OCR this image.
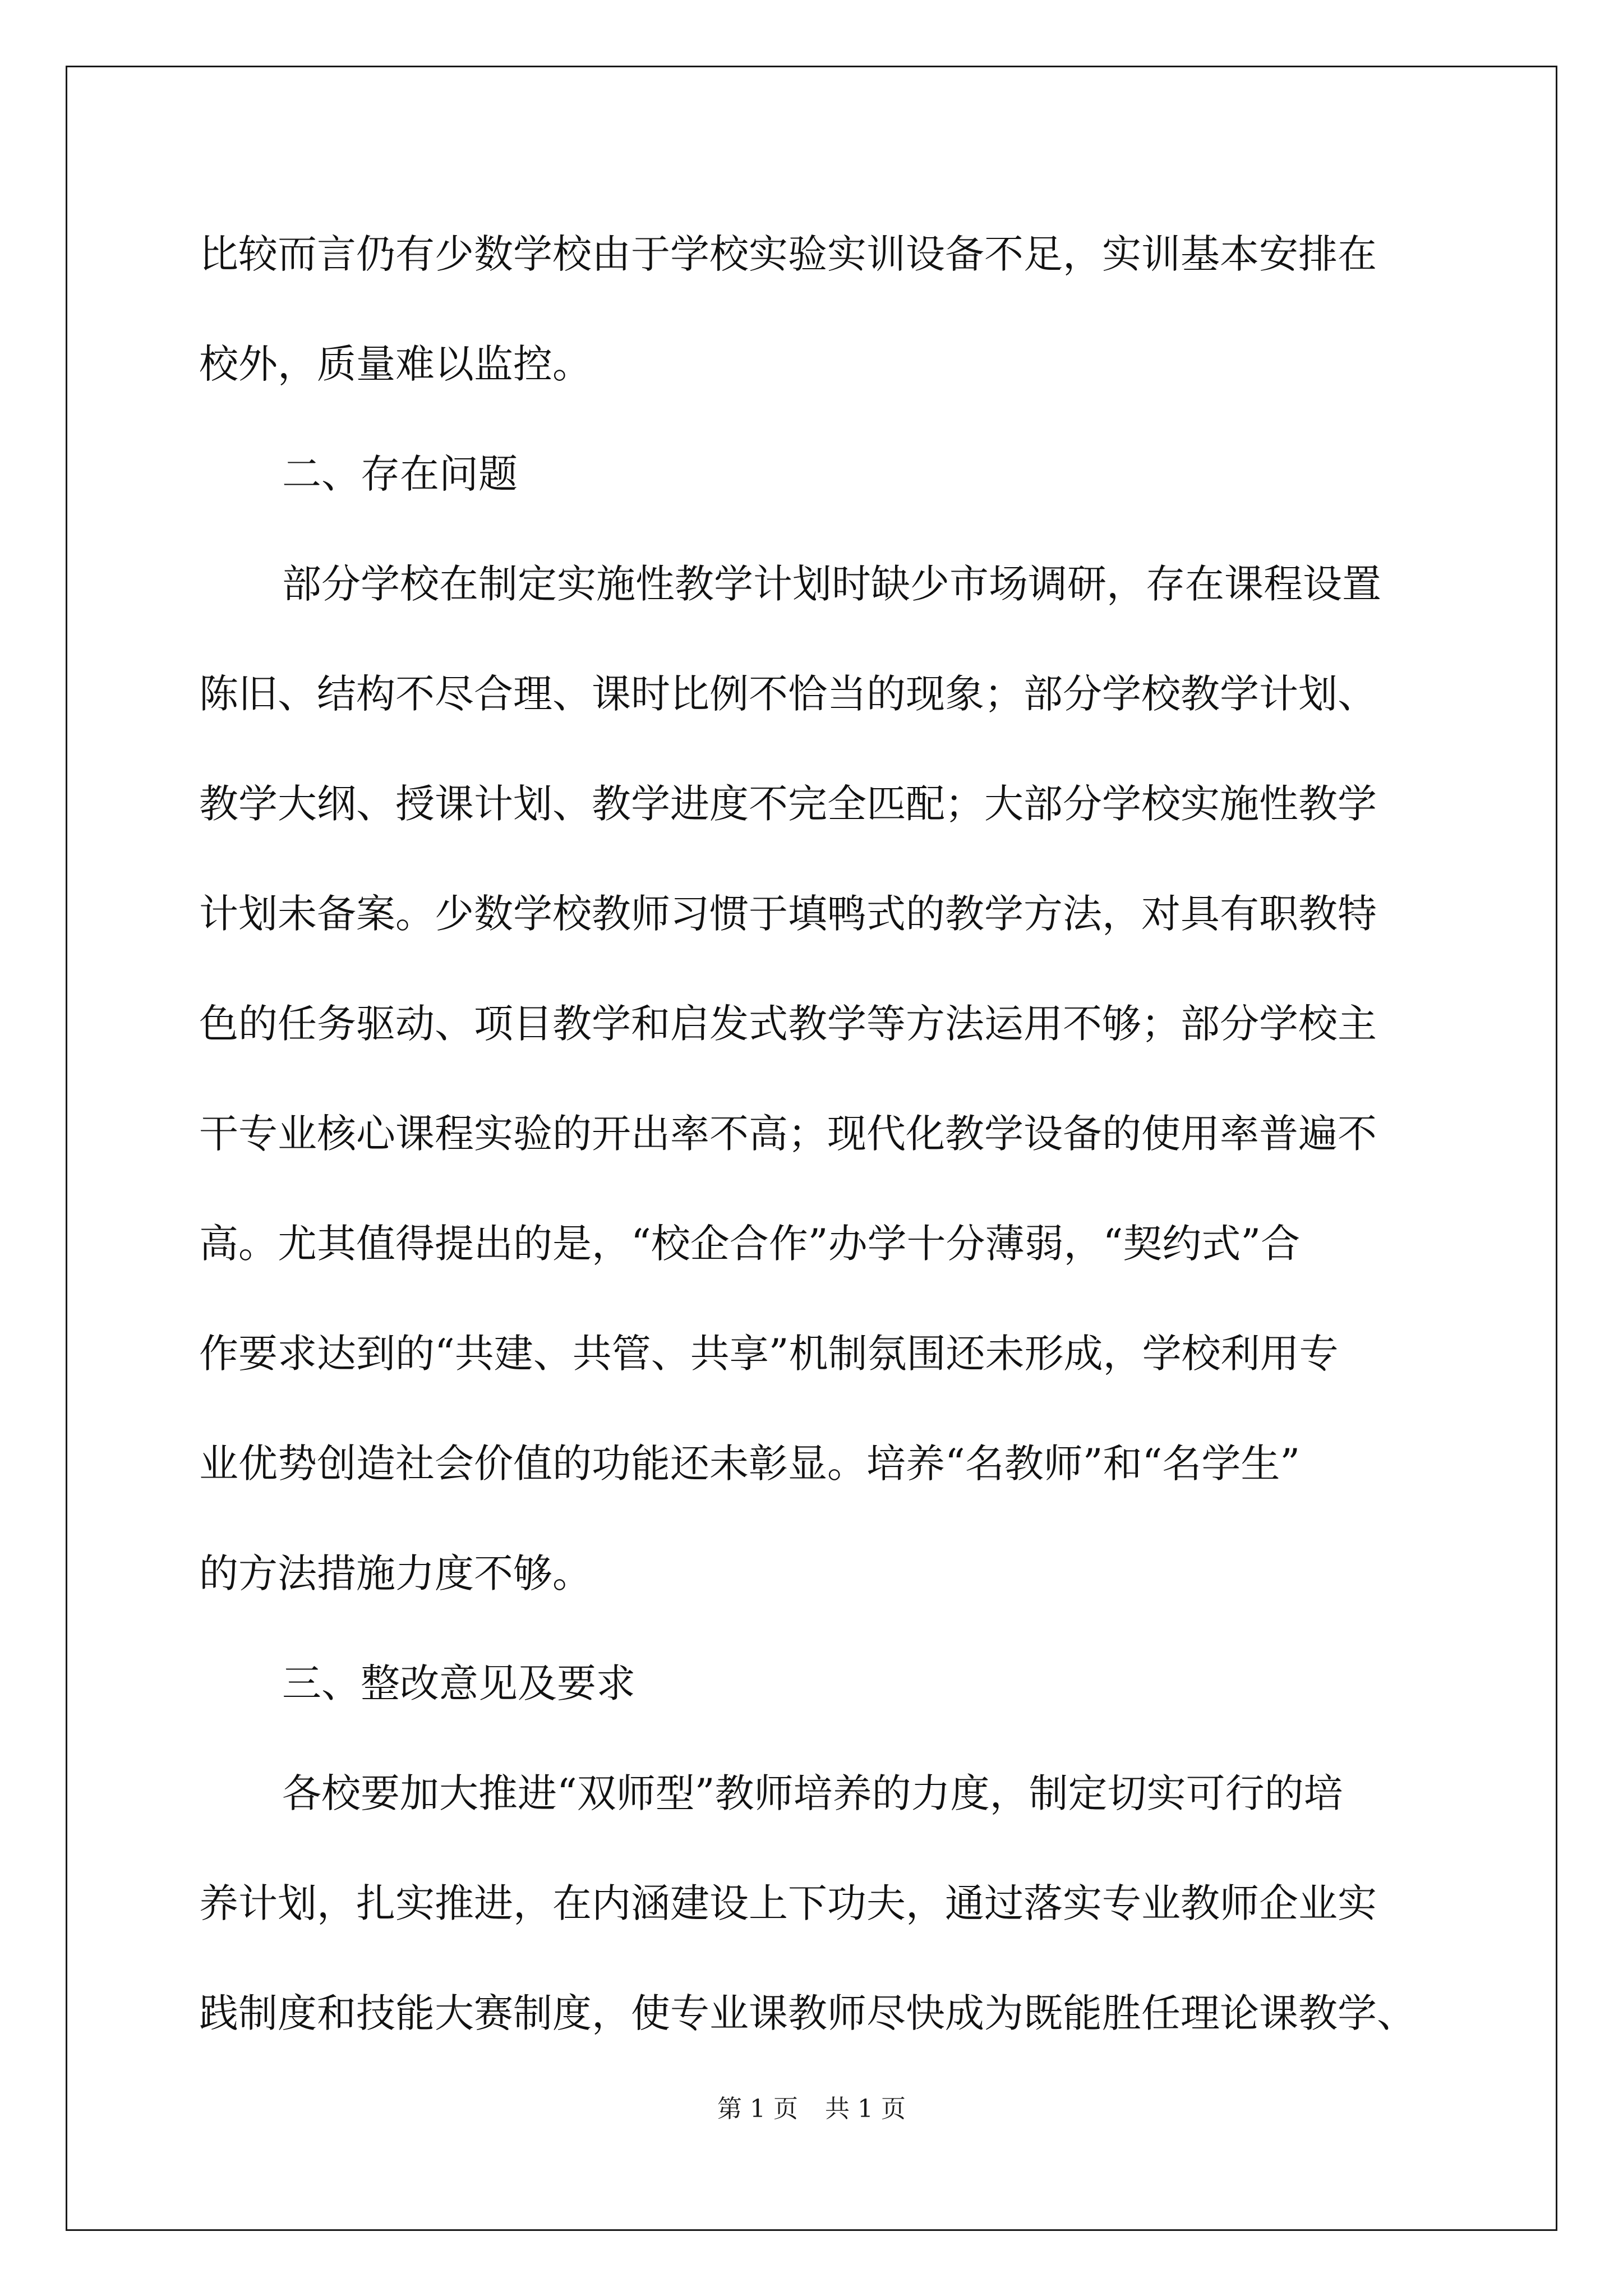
比较而言仍有少数学校由于学校实验实训设备不足，实训基本安排在
校外，质量难以监控。
二、存在问题
部分学校在制定实施性教学计划时缺少市场调研，存在课程设置
陈旧、结构不尽合理、课时比例不恰当的现象；部分学校教学计划、
教学大纲、授课计划、教学进度不完全匹配；大部分学校实施性教学
计划未备案。少数学校教师习惯于填鸭式的教学方法，对具有职教特
色的任务驱动、项目教学和启发式教学等方法运用不够；部分学校主
干专业核心课程实验的开出率不高；现代化教学设备的使用率普遍不
高。尤其值得提出的是，“校企合作”办学十分薄弱，“契约式”合
作要求达到的“共建、共管、共享”机制氛围还未形成，学校利用专
业优势创造社会价值的功能还未彰显。培养“名教师”和“名学生”
的方法措施力度不够。
三、整改意见及要求
各校要加大推进“双师型”教师培养的力度，制定切实可行的培
养计划，扎实推进，在内涵建设上下功夫，通过落实专业教师企业实
践制度和技能大赛制度，使专业课教师尽快成为既能胜任理论课教学、
第 1 页 共 1 页
